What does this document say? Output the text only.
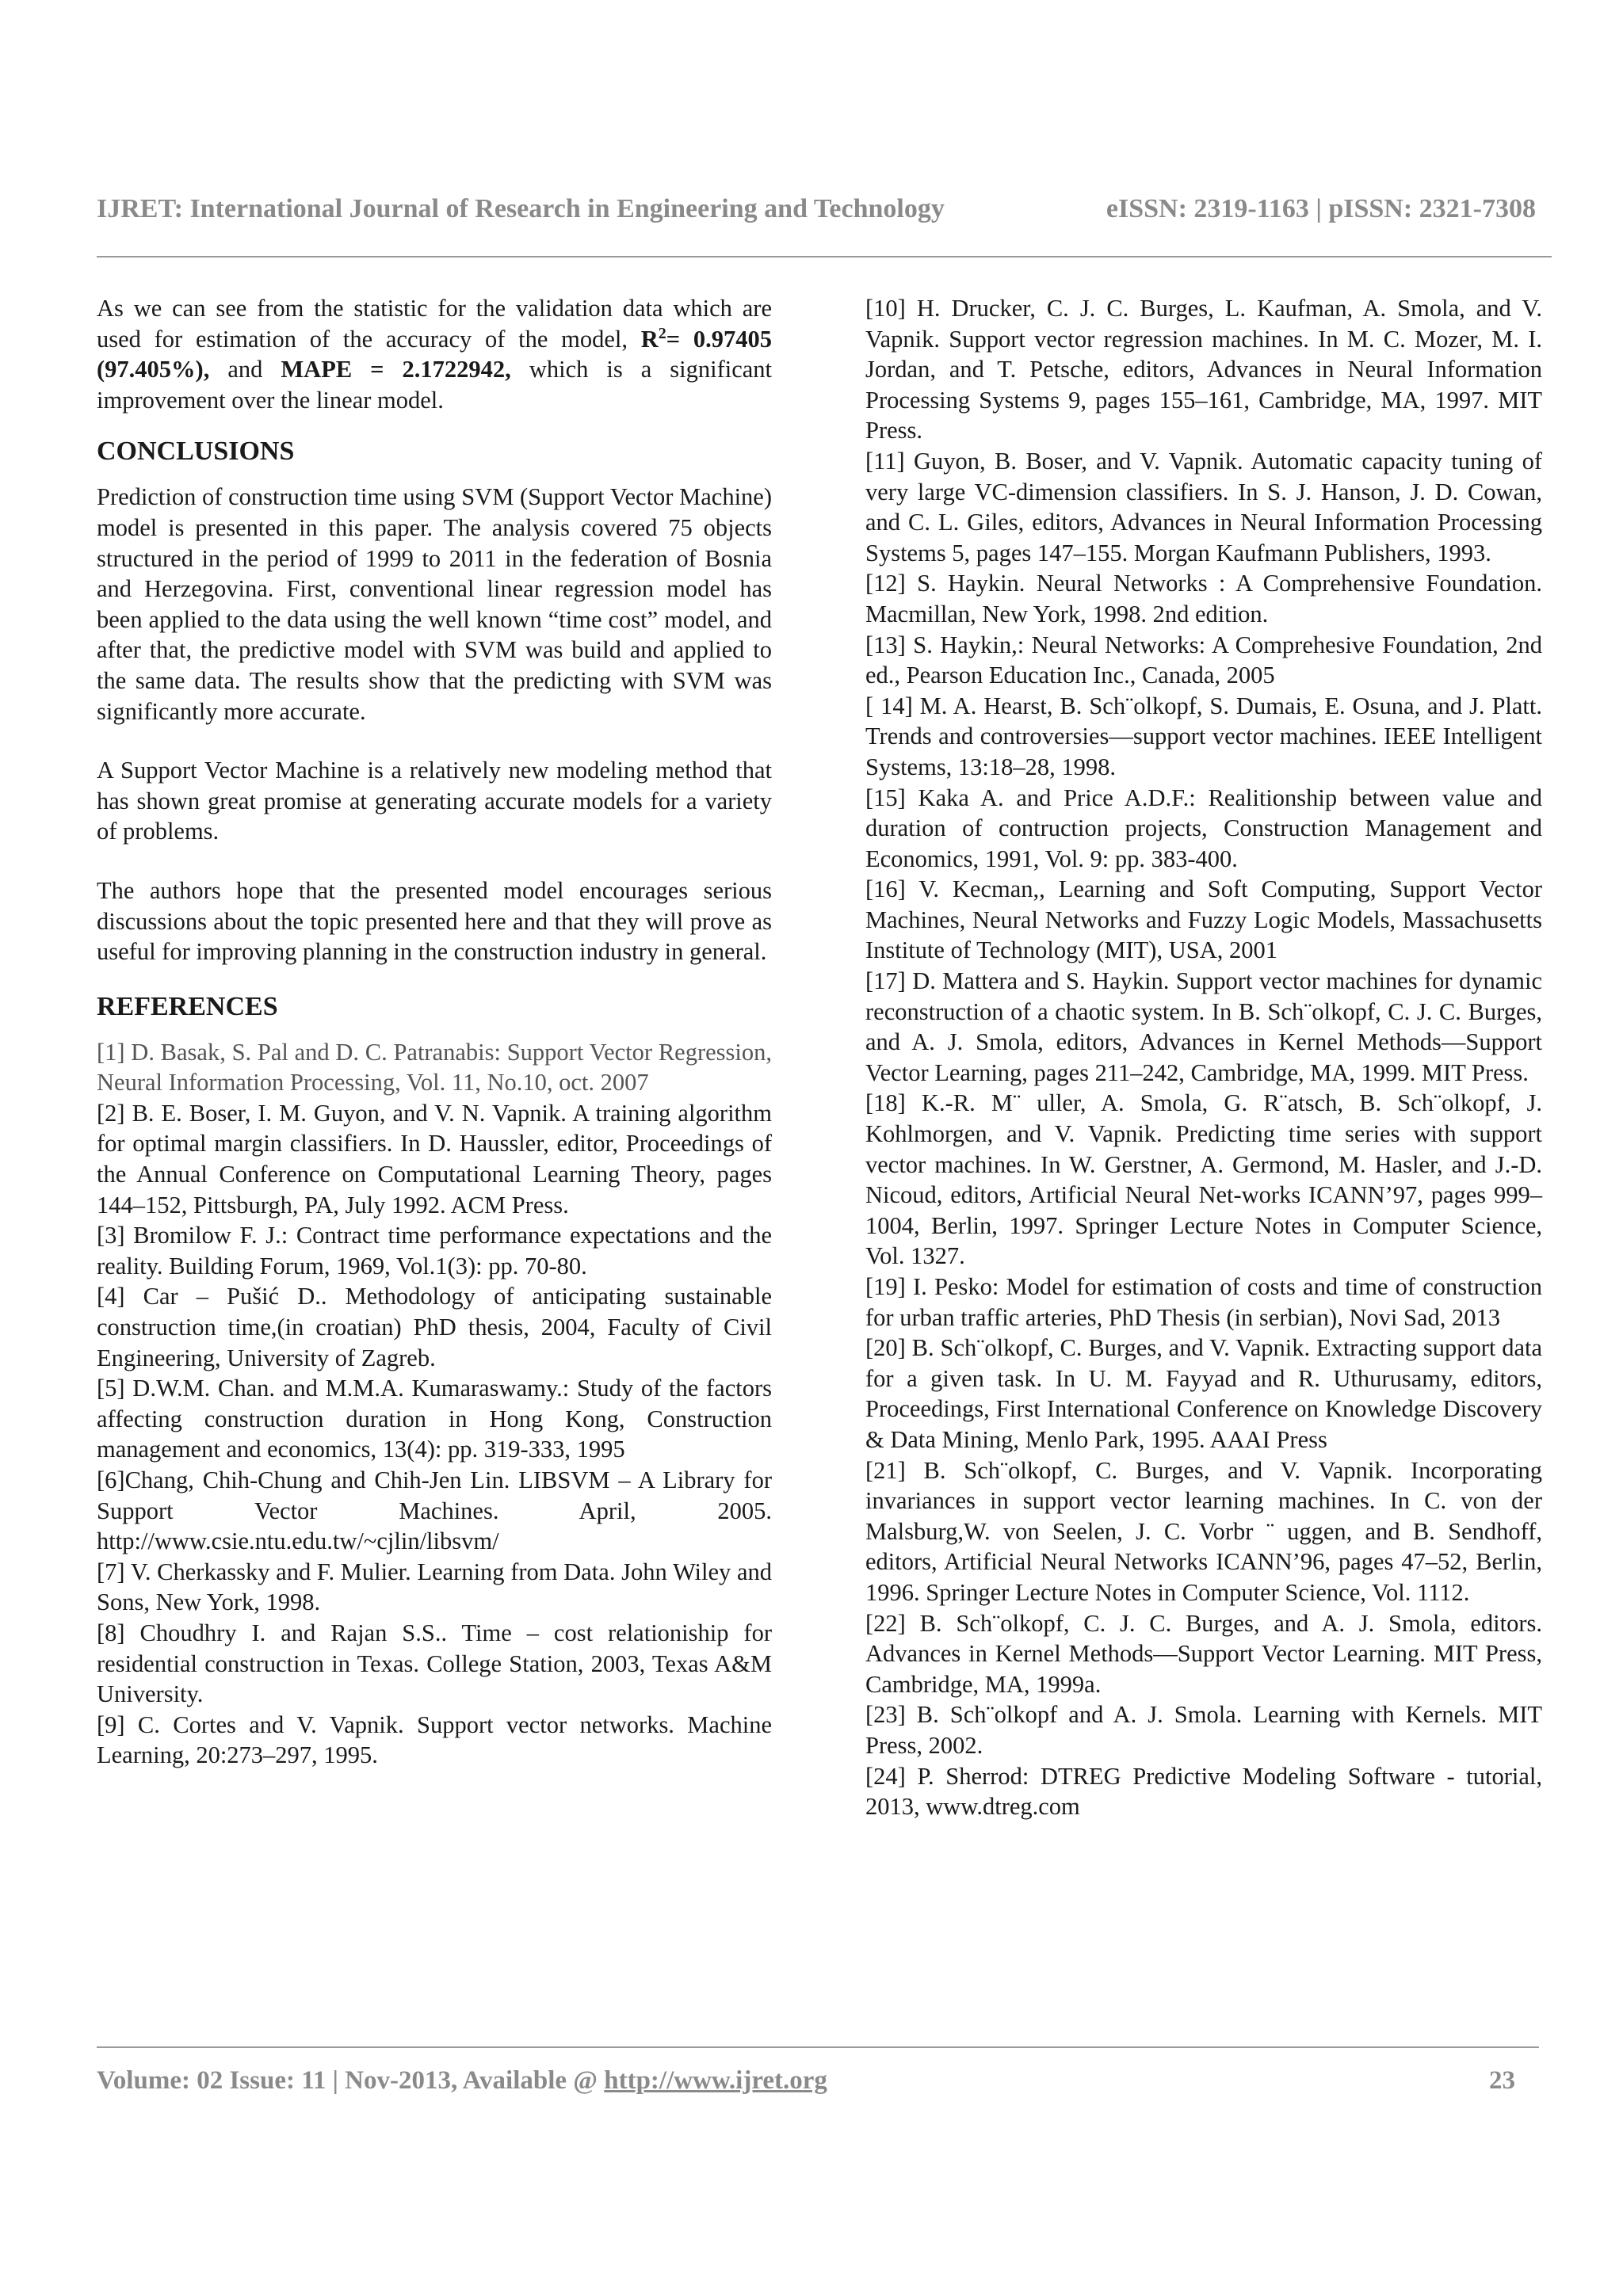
IJRET: International Journal of Research in Engineering and Technology	eISSN: 2319-1163 | pISSN: 2321-7308

As we can see from the statistic for the validation data which are used for estimation of the accuracy of the model, $R^2= 0.97405$ (97.405%), and MAPE = 2.1722942, which is a significant improvement over the linear model.

CONCLUSIONS

Prediction of construction time using SVM (Support Vector Machine) model is presented in this paper. The analysis covered 75 objects structured in the period of 1999 to 2011 in the federation of Bosnia and Herzegovina. First, conventional linear regression model has been applied to the data using the well known “time cost” model, and after that, the predictive model with SVM was build and applied to the same data. The results show that the predicting with SVM was significantly more accurate.

A Support Vector Machine is a relatively new modeling method that has shown great promise at generating accurate models for a variety of problems.

The authors hope that the presented model encourages serious discussions about the topic presented here and that they will prove as useful for improving planning in the construction industry in general.

REFERENCES

[1] D. Basak, S. Pal and D. C. Patranabis: Support Vector Regression, Neural Information Processing, Vol. 11, No.10, oct. 2007

[2] B. E. Boser, I. M. Guyon, and V. N. Vapnik. A training algorithm for optimal margin classifiers. In D. Haussler, editor, Proceedings of the Annual Conference on Computational Learning Theory, pages 144–152, Pittsburgh, PA, July 1992. ACM Press.

[3] Bromilow F. J.: Contract time performance expectations and the reality. Building Forum, 1969, Vol.1(3): pp. 70-80.

[4] Car – Pušić D.. Methodology of anticipating sustainable construction time,(in croatian) PhD thesis, 2004, Faculty of Civil Engineering, University of Zagreb.

[5] D.W.M. Chan. and M.M.A. Kumaraswamy.: Study of the factors affecting construction duration in Hong Kong, Construction management and economics, 13(4): pp. 319-333, 1995

[6]Chang, Chih-Chung and Chih-Jen Lin. LIBSVM – A Library for Support Vector Machines. April, 2005. http://www.csie.ntu.edu.tw/~cjlin/libsvm/

[7] V. Cherkassky and F. Mulier. Learning from Data. John Wiley and Sons, New York, 1998.

[8] Choudhry I. and Rajan S.S.. Time – cost relationiship for residential construction in Texas. College Station, 2003, Texas A&M University.

[9] C. Cortes and V. Vapnik. Support vector networks. Machine Learning, 20:273–297, 1995.

[10] H. Drucker, C. J. C. Burges, L. Kaufman, A. Smola, and V. Vapnik. Support vector regression machines. In M. C. Mozer, M. I. Jordan, and T. Petsche, editors, Advances in Neural Information Processing Systems 9, pages 155–161, Cambridge, MA, 1997. MIT Press.

[11] Guyon, B. Boser, and V. Vapnik. Automatic capacity tuning of very large VC-dimension classifiers. In S. J. Hanson, J. D. Cowan, and C. L. Giles, editors, Advances in Neural Information Processing Systems 5, pages 147–155. Morgan Kaufmann Publishers, 1993.

[12] S. Haykin. Neural Networks : A Comprehensive Foundation. Macmillan, New York, 1998. 2nd edition.

[13] S. Haykin,: Neural Networks: A Comprehesive Foundation, 2nd ed., Pearson Education Inc., Canada, 2005

[ 14] M. A. Hearst, B. Sch¨olkopf, S. Dumais, E. Osuna, and J. Platt. Trends and controversies—support vector machines. IEEE Intelligent Systems, 13:18–28, 1998.

[15] Kaka A. and Price A.D.F.: Realitionship between value and duration of contruction projects, Construction Management and Economics, 1991, Vol. 9: pp. 383-400.

[16] V. Kecman,, Learning and Soft Computing, Support Vector Machines, Neural Networks and Fuzzy Logic Models, Massachusetts Institute of Technology (MIT), USA, 2001

[17] D. Mattera and S. Haykin. Support vector machines for dynamic reconstruction of a chaotic system. In B. Sch¨olkopf, C. J. C. Burges, and A. J. Smola, editors, Advances in Kernel Methods—Support Vector Learning, pages 211–242, Cambridge, MA, 1999. MIT Press.

[18] K.-R. M¨ uller, A. Smola, G. R¨atsch, B. Sch¨olkopf, J. Kohlmorgen, and V. Vapnik. Predicting time series with support vector machines. In W. Gerstner, A. Germond, M. Hasler, and J.-D. Nicoud, editors, Artificial Neural Net-works ICANN’97, pages 999–1004, Berlin, 1997. Springer Lecture Notes in Computer Science, Vol. 1327.

[19] I. Pesko: Model for estimation of costs and time of construction for urban traffic arteries, PhD Thesis (in serbian), Novi Sad, 2013

[20] B. Sch¨olkopf, C. Burges, and V. Vapnik. Extracting support data for a given task. In U. M. Fayyad and R. Uthurusamy, editors, Proceedings, First International Conference on Knowledge Discovery & Data Mining, Menlo Park, 1995. AAAI Press

[21] B. Sch¨olkopf, C. Burges, and V. Vapnik. Incorporating invariances in support vector learning machines. In C. von der Malsburg,W. von Seelen, J. C. Vorbr ¨ uggen, and B. Sendhoff, editors, Artificial Neural Networks ICANN’96, pages 47–52, Berlin, 1996. Springer Lecture Notes in Computer Science, Vol. 1112.

[22] B. Sch¨olkopf, C. J. C. Burges, and A. J. Smola, editors. Advances in Kernel Methods—Support Vector Learning. MIT Press, Cambridge, MA, 1999a.

[23] B. Sch¨olkopf and A. J. Smola. Learning with Kernels. MIT Press, 2002.

[24] P. Sherrod: DTREG Predictive Modeling Software - tutorial, 2013, www.dtreg.com

Volume: 02 Issue: 11 | Nov-2013, Available @ http://www.ijret.org	23
